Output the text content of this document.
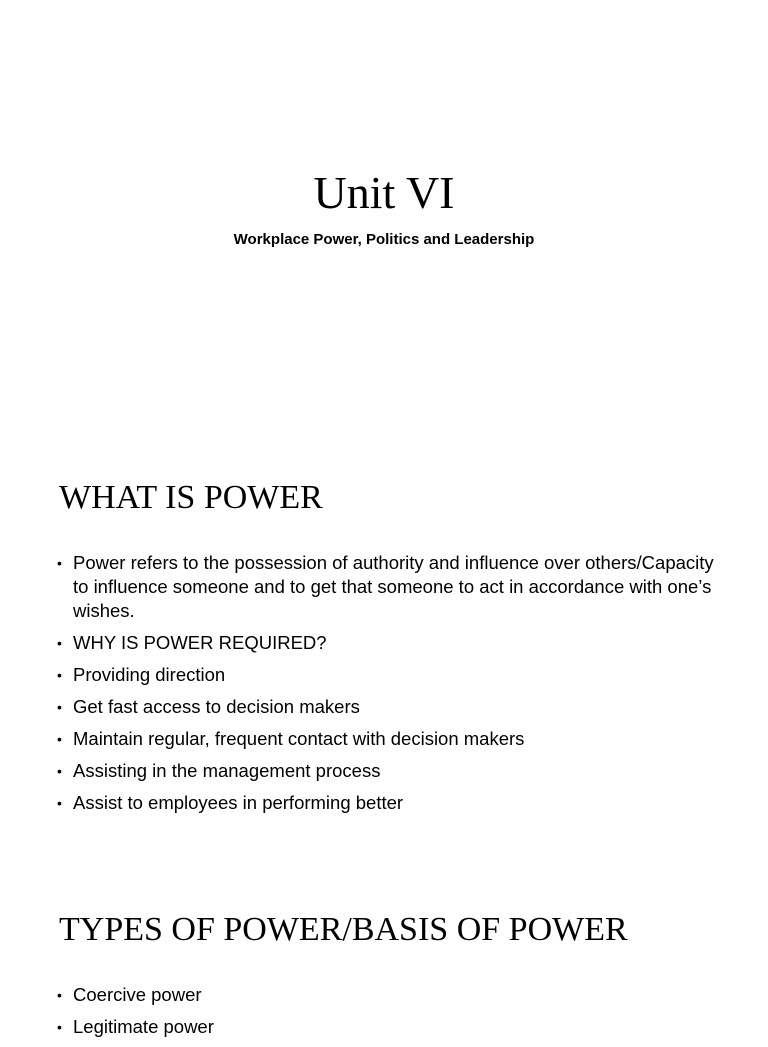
Unit VI
Workplace Power, Politics and Leadership
WHAT IS POWER
• Power refers to the possession of authority and influence over others/Capacity to influence someone and to get that someone to act in accordance with one’s wishes.
• WHY IS POWER REQUIRED?
• Providing direction
• Get fast access to decision makers
• Maintain regular, frequent contact with decision makers
• Assisting in the management process
• Assist to employees in performing better
TYPES OF POWER/BASIS OF POWER
• Coercive power
• Legitimate power
